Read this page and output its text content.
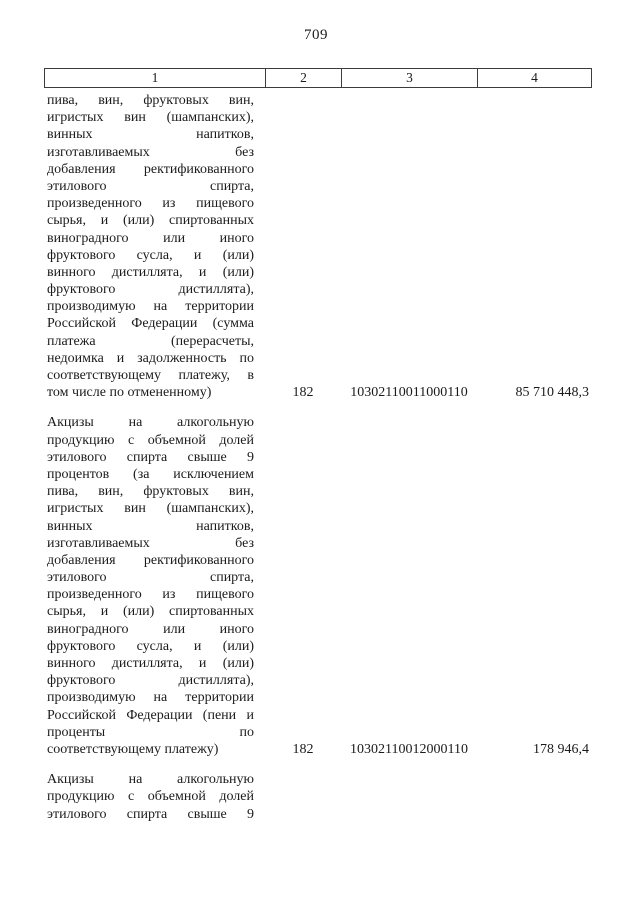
709
1	2	3	4
пива, вин, фруктовых вин,
игристых вин (шампанских),
винных напитков,
изготавливаемых без
добавления ректификованного
этилового спирта,
произведенного из пищевого
сырья, и (или) спиртованных
виноградного или иного
фруктового сусла, и (или)
винного дистиллята, и (или)
фруктового дистиллята),
производимую на территории
Российской Федерации (сумма
платежа (перерасчеты,
недоимка и задолженность по
соответствующему платежу, в
том числе по отмененному)	182	10302110011000110	85 710 448,3
Акцизы на алкогольную
продукцию с объемной долей
этилового спирта свыше 9
процентов (за исключением
пива, вин, фруктовых вин,
игристых вин (шампанских),
винных напитков,
изготавливаемых без
добавления ректификованного
этилового спирта,
произведенного из пищевого
сырья, и (или) спиртованных
виноградного или иного
фруктового сусла, и (или)
винного дистиллята, и (или)
фруктового дистиллята),
производимую на территории
Российской Федерации (пени и
проценты по
соответствующему платежу)	182	10302110012000110	178 946,4
Акцизы на алкогольную
продукцию с объемной долей
этилового спирта свыше 9
